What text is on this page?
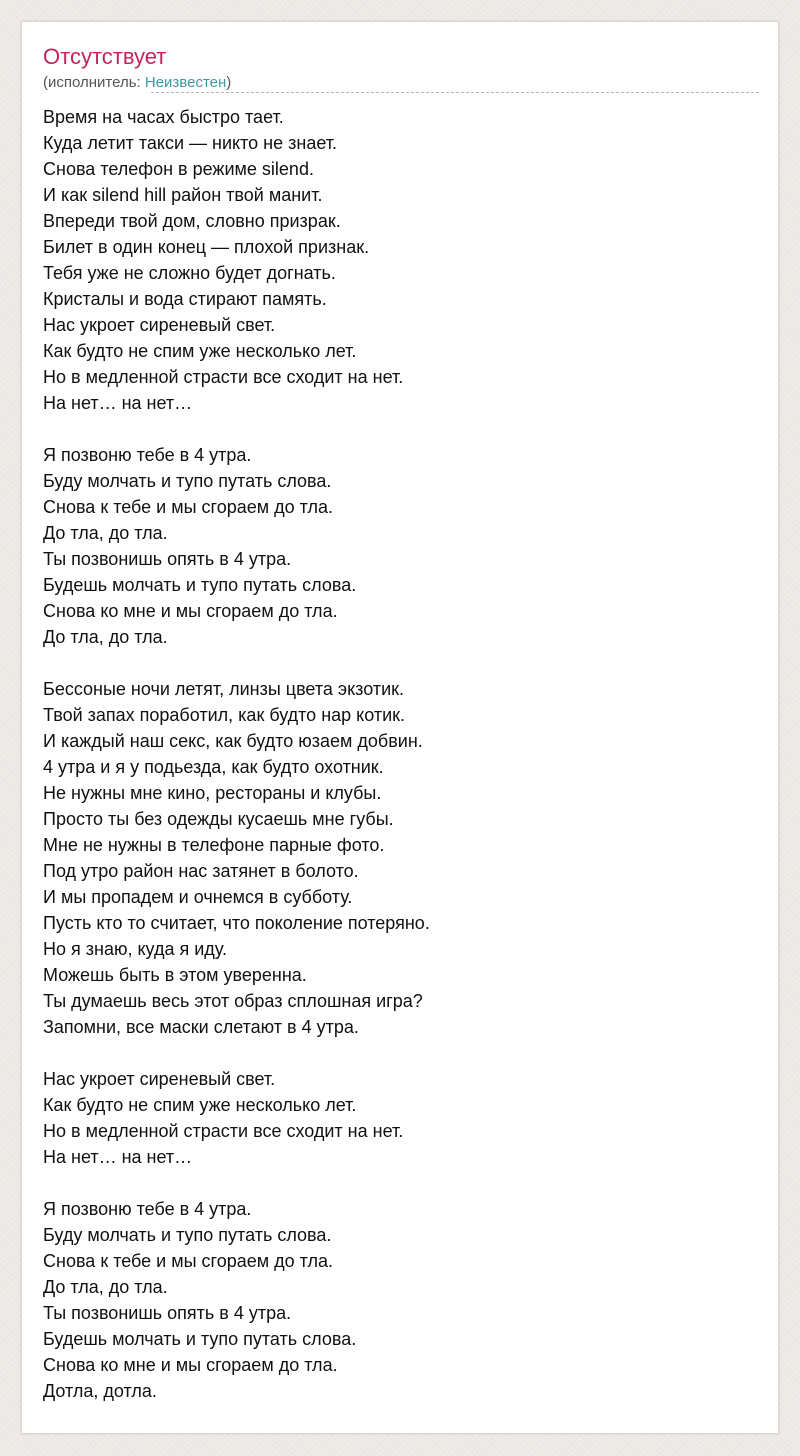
Отсутствует
(исполнитель: Неизвестен)
Время на часах быстро тает.
Куда летит такси — никто не знает.
Снова телефон в режиме silend.
И как silend hill район твой манит.
Впереди твой дом, словно призрак.
Билет в один конец — плохой признак.
Тебя уже не сложно будет догнать.
Кристалы и вода стирают память.
Нас укроет сиреневый свет.
Как будто не спим уже несколько лет.
Но в медленной страсти все сходит на нет.
На нет… на нет…
Я позвоню тебе в 4 утра.
Буду молчать и тупо путать слова.
Снова к тебе и мы сгораем до тла.
До тла, до тла.
Ты позвонишь опять в 4 утра.
Будешь молчать и тупо путать слова.
Снова ко мне и мы сгораем до тла.
До тла, до тла.
Бессоные ночи летят, линзы цвета экзотик.
Твой запах поработил, как будто нар котик.
И каждый наш секс, как будто юзаем добвин.
4 утра и я у подьезда, как будто охотник.
Не нужны мне кино, рестораны и клубы.
Просто ты без одежды кусаешь мне губы.
Мне не нужны в телефоне парные фото.
Под утро район нас затянет в болото.
И мы пропадем и очнемся в субботу.
Пусть кто то считает, что поколение потеряно.
Но я знаю, куда я иду.
Можешь быть в этом уверенна.
Ты думаешь весь этот образ сплошная игра?
Запомни, все маски слетают в 4 утра.
Нас укроет сиреневый свет.
Как будто не спим уже несколько лет.
Но в медленной страсти все сходит на нет.
На нет… на нет…
Я позвоню тебе в 4 утра.
Буду молчать и тупо путать слова.
Снова к тебе и мы сгораем до тла.
До тла, до тла.
Ты позвонишь опять в 4 утра.
Будешь молчать и тупо путать слова.
Снова ко мне и мы сгораем до тла.
Дотла, дотла.
